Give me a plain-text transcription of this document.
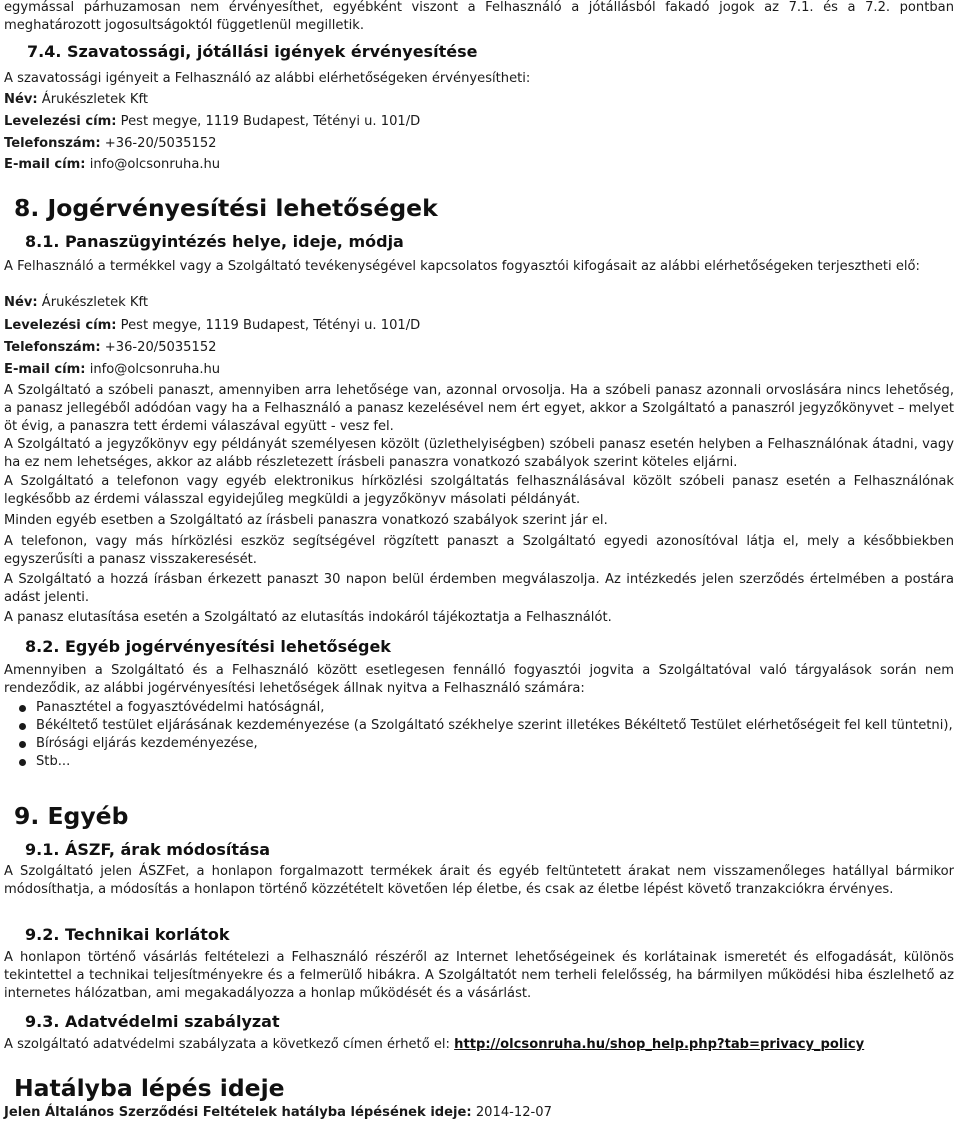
egymással párhuzamosan nem érvényesíthet, egyébként viszont a Felhasználó a jótállásból fakadó jogok az 7.1. és a 7.2. pontban meghatározott jogosultságoktól függetlenül megilletik.

7.4. Szavatossági, jótállási igények érvényesítése

A szavatossági igényeit a Felhasználó az alábbi elérhetőségeken érvényesítheti:

Név: Árukészletek Kft
Levelezési cím: Pest megye, 1119 Budapest, Tétényi u. 101/D
Telefonszám: +36-20/5035152
E-mail cím: info@olcsonruha.hu
8. Jogérvényesítési lehetőségek
8.1. Panaszügyintézés helye, ideje, módja

A Felhasználó a termékkel vagy a Szolgáltató tevékenységével kapcsolatos fogyasztói kifogásait az alábbi elérhetőségeken terjesztheti elő:

Név: Árukészletek Kft
Levelezési cím: Pest megye, 1119 Budapest, Tétényi u. 101/D
Telefonszám: +36-20/5035152
E-mail cím: info@olcsonruha.hu

A Szolgáltató a szóbeli panaszt, amennyiben arra lehetősége van, azonnal orvosolja. Ha a szóbeli panasz azonnali orvoslására nincs lehetőség, a panasz jellegéből adódóan vagy ha a Felhasználó a panasz kezelésével nem ért egyet, akkor a Szolgáltató a panaszról jegyzőkönyvet – melyet öt évig, a panaszra tett érdemi válaszával együtt - vesz fel.

A Szolgáltató a jegyzőkönyv egy példányát személyesen közölt (üzlethelyiségben) szóbeli panasz esetén helyben a Felhasználónak átadni, vagy ha ez nem lehetséges, akkor az alább részletezett írásbeli panaszra vonatkozó szabályok szerint köteles eljárni.

A Szolgáltató a telefonon vagy egyéb elektronikus hírközlési szolgáltatás felhasználásával közölt szóbeli panasz esetén a Felhasználónak legkésőbb az érdemi válasszal egyidejűleg megküldi a jegyzőkönyv másolati példányát.

Minden egyéb esetben a Szolgáltató az írásbeli panaszra vonatkozó szabályok szerint jár el.

A telefonon, vagy más hírközlési eszköz segítségével rögzített panaszt a Szolgáltató egyedi azonosítóval látja el, mely a későbbiekben egyszerűsíti a panasz visszakeresését.

A Szolgáltató a hozzá írásban érkezett panaszt 30 napon belül érdemben megválaszolja. Az intézkedés jelen szerződés értelmében a postára adást jelenti.

A panasz elutasítása esetén a Szolgáltató az elutasítás indokáról tájékoztatja a Felhasználót.

8.2. Egyéb jogérvényesítési lehetőségek

Amennyiben a Szolgáltató és a Felhasználó között esetlegesen fennálló fogyasztói jogvita a Szolgáltatóval való tárgyalások során nem rendeződik, az alábbi jogérvényesítési lehetőségek állnak nyitva a Felhasználó számára:

Panasztétel a fogyasztóvédelmi hatóságnál,
Békéltető testület eljárásának kezdeményezése (a Szolgáltató székhelye szerint illetékes Békéltető Testület elérhetőségeit fel kell tüntetni),
Bírósági eljárás kezdeményezése,
Stb...
9. Egyéb
9.1. ÁSZF, árak módosítása

A Szolgáltató jelen ÁSZFet, a honlapon forgalmazott termékek árait és egyéb feltüntetett árakat nem visszamenőleges hatállyal bármikor módosíthatja, a módosítás a honlapon történő közzétételt követően lép életbe, és csak az életbe lépést követő tranzakciókra érvényes.

9.2. Technikai korlátok

A honlapon történő vásárlás feltételezi a Felhasználó részéről az Internet lehetőségeinek és korlátainak ismeretét és elfogadását, különös tekintettel a technikai teljesítményekre és a felmerülő hibákra. A Szolgáltatót nem terheli felelősség, ha bármilyen működési hiba észlelhető az internetes hálózatban, ami megakadályozza a honlap működését és a vásárlást.

9.3. Adatvédelmi szabályzat

A szolgáltató adatvédelmi szabályzata a következő címen érhető el: http://olcsonruha.hu/shop_help.php?tab=privacy_policy

Hatályba lépés ideje
Jelen Általános Szerződési Feltételek hatályba lépésének ideje: 2014-12-07
